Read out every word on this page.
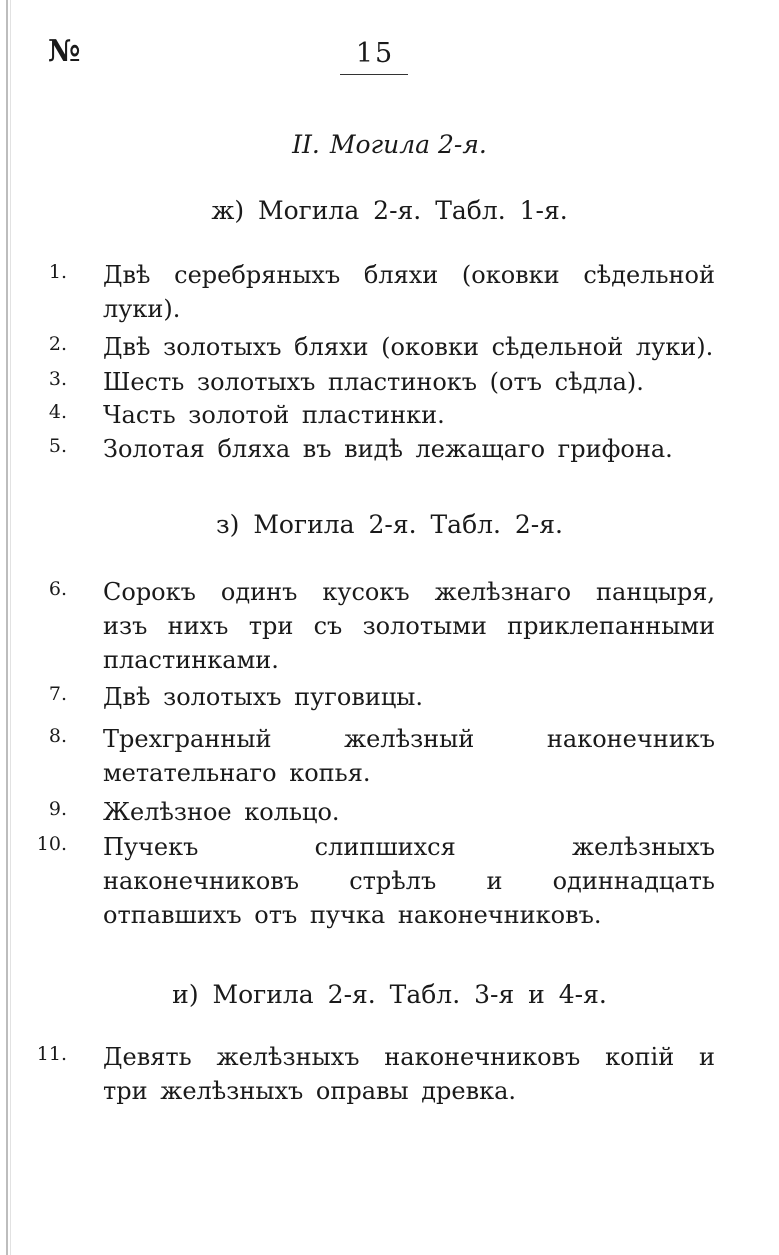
№	15
II. Могила 2-я.
ж) Могила 2-я. Табл. 1-я.
1. Двѣ серебряныхъ бляхи (оковки сѣдельной луки).
2. Двѣ золотыхъ бляхи (оковки сѣдельной луки).
3. Шесть золотыхъ пластинокъ (отъ сѣдла).
4. Часть золотой пластинки.
5. Золотая бляха въ видѣ лежащаго грифона.
з) Могила 2-я. Табл. 2-я.
6. Сорокъ одинъ кусокъ желѣзнаго панцыря, изъ нихъ три съ золотыми приклепанными пластинками.
7. Двѣ золотыхъ пуговицы.
8. Трехгранный желѣзный наконечникъ метательнаго копья.
9. Желѣзное кольцо.
10. Пучекъ слипшихся желѣзныхъ наконечниковъ стрѣлъ и одиннадцать отпавшихъ отъ пучка наконечниковъ.
и) Могила 2-я. Табл. 3-я и 4-я.
11. Девять желѣзныхъ наконечниковъ копій и три желѣзныхъ оправы древка.
